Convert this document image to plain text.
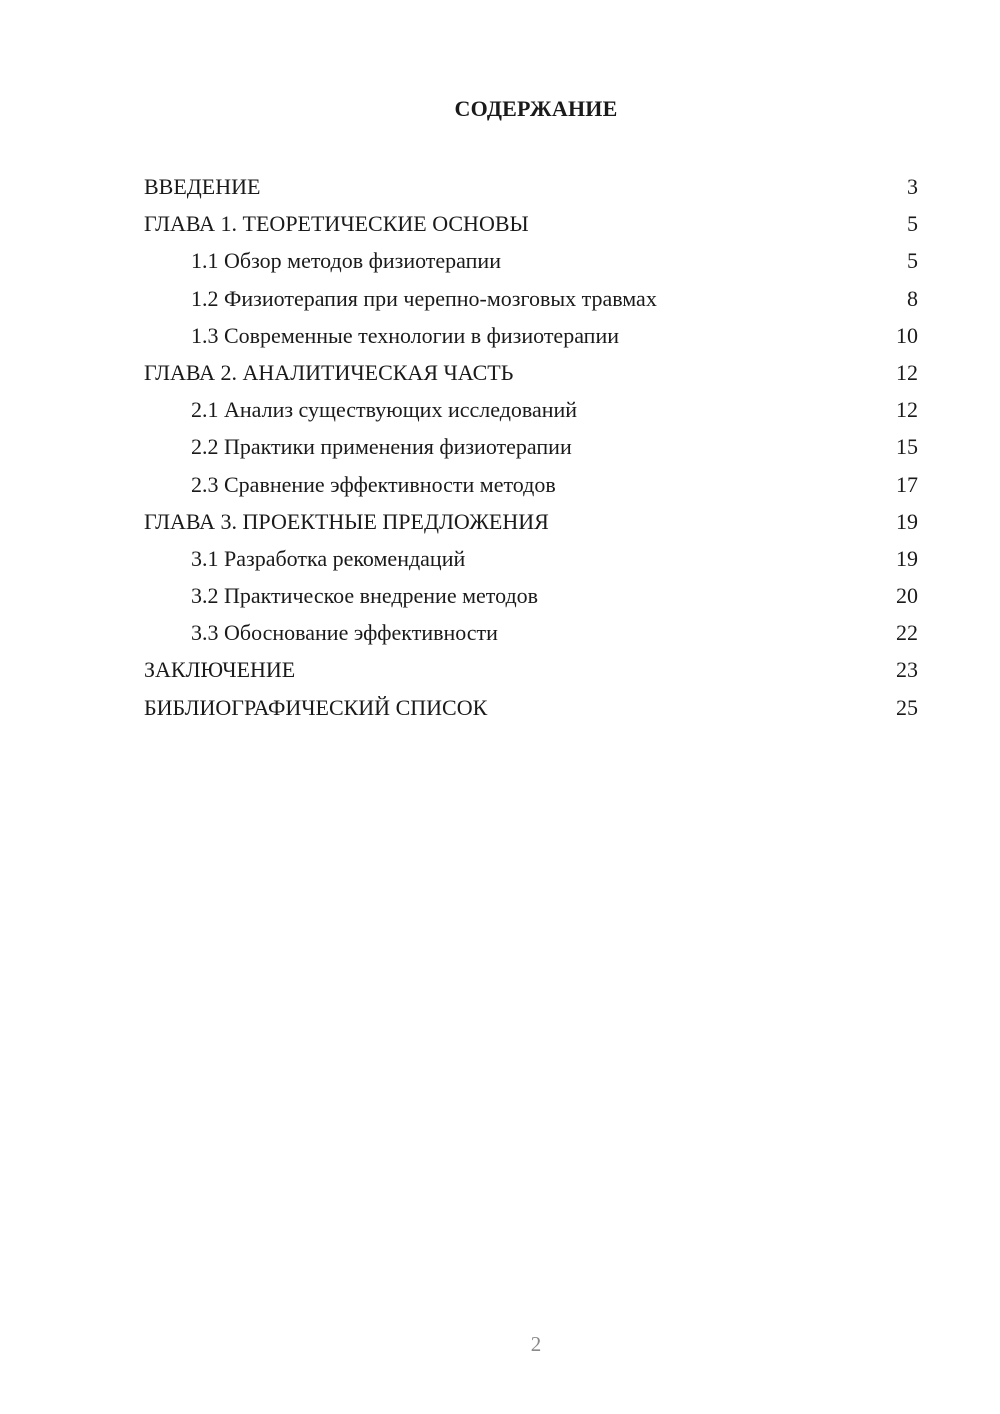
СОДЕРЖАНИЕ
ВВЕДЕНИЕ	3
ГЛАВА 1. ТЕОРЕТИЧЕСКИЕ ОСНОВЫ	5
1.1 Обзор методов физиотерапии	5
1.2 Физиотерапия при черепно-мозговых травмах	8
1.3 Современные технологии в физиотерапии	10
ГЛАВА 2. АНАЛИТИЧЕСКАЯ ЧАСТЬ	12
2.1 Анализ существующих исследований	12
2.2 Практики применения физиотерапии	15
2.3 Сравнение эффективности методов	17
ГЛАВА 3. ПРОЕКТНЫЕ ПРЕДЛОЖЕНИЯ	19
3.1 Разработка рекомендаций	19
3.2 Практическое внедрение методов	20
3.3 Обоснование эффективности	22
ЗАКЛЮЧЕНИЕ	23
БИБЛИОГРАФИЧЕСКИЙ СПИСОК	25
2
